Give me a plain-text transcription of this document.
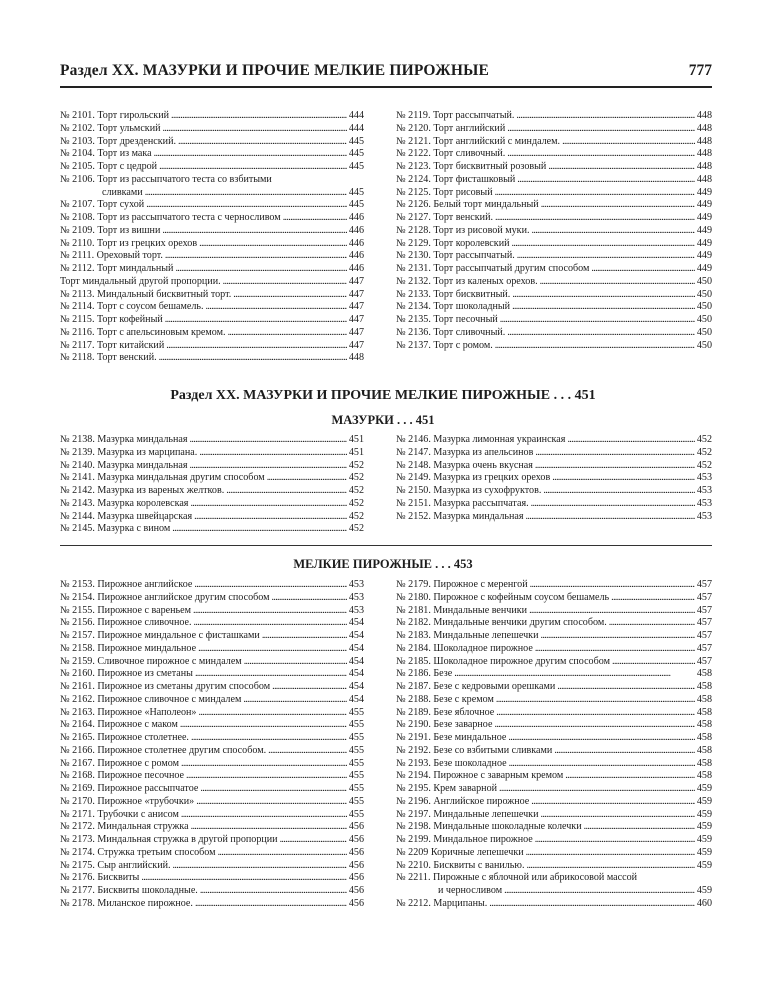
Раздел XX. МАЗУРКИ И ПРОЧИЕ МЕЛКИЕ ПИРОЖНЫЕ	777
№ 2101. Торт гирольский . . .	444
№ 2102. Торт ульмский . . .	444
№ 2103. Торт дрезденский. . . .	445
№ 2104. Торт из мака . . .	445
№ 2105. Торт с цедрой . . .	445
№ 2106. Торт из рассыпчатого теста со взбитыми
сливками . . .	445
№ 2107. Торт сухой . . .	445
№ 2108. Торт из рассыпчатого теста с черносливом . . .	446
№ 2109. Торт из вишни . . .	446
№ 2110. Торт из грецких орехов . . .	446
№ 2111. Ореховый торт. . . .	446
№ 2112. Торт миндальный . . .	446
Торт миндальный другой пропорции. . . .	447
№ 2113. Миндальный бисквитный торт. . . .	447
№ 2114. Торт с соусом бешамель. . . .	447
№ 2115. Торт кофейный . . .	447
№ 2116. Торт с апельсиновым кремом. . . .	447
№ 2117. Торт китайский . . .	447
№ 2118. Торт венский. . . .	448
№ 2119. Торт рассыпчатый. . . .	448
№ 2120. Торт английский . . .	448
№ 2121. Торт английский с миндалем. . . .	448
№ 2122. Торт сливочный. . . .	448
№ 2123. Торт бисквитный розовый . . .	448
№ 2124. Торт фисташковый . . .	448
№ 2125. Торт рисовый . . .	449
№ 2126. Белый торт миндальный . . .	449
№ 2127. Торт венский. . . .	449
№ 2128. Торт из рисовой муки. . . .	449
№ 2129. Торт королевский . . .	449
№ 2130. Торт рассыпчатый. . . .	449
№ 2131. Торт рассыпчатый другим способом . . .	449
№ 2132. Торт из каленых орехов. . . .	450
№ 2133. Торт бисквитный. . . .	450
№ 2134. Торт шоколадный . . .	450
№ 2135. Торт песочный . . .	450
№ 2136. Торт сливочный. . . .	450
№ 2137. Торт с ромом. . . .	450
Раздел XX. МАЗУРКИ И ПРОЧИЕ МЕЛКИЕ ПИРОЖНЫЕ . . . 451
МАЗУРКИ . . . 451
№ 2138. Мазурка миндальная . . .	451
№ 2139. Мазурка из марципана. . . .	451
№ 2140. Мазурка миндальная . . .	452
№ 2141. Мазурка миндальная другим способом . . .	452
№ 2142. Мазурка из вареных желтков. . . .	452
№ 2143. Мазурка королевская . . .	452
№ 2144. Мазурка швейцарская . . .	452
№ 2145. Мазурка с вином . . .	452
№ 2146. Мазурка лимонная украинская . . .	452
№ 2147. Мазурка из апельсинов . . .	452
№ 2148. Мазурка очень вкусная . . .	452
№ 2149. Мазурка из грецких орехов . . .	453
№ 2150. Мазурка из сухофруктов. . . .	453
№ 2151. Мазурка рассыпчатая. . . .	453
№ 2152. Мазурка миндальная . . .	453
МЕЛКИЕ ПИРОЖНЫЕ . . . 453
№ 2153. Пирожное английское . . .	453
№ 2154. Пирожное английское другим способом . . .	453
№ 2155. Пирожное с вареньем . . .	453
№ 2156. Пирожное сливочное. . . .	454
№ 2157. Пирожное миндальное с фисташками . . .	454
№ 2158. Пирожное миндальное . . .	454
№ 2159. Сливочное пирожное с миндалем . . .	454
№ 2160. Пирожное из сметаны . . .	454
№ 2161. Пирожное из сметаны другим способом . . .	454
№ 2162. Пирожное сливочное с миндалем . . .	454
№ 2163. Пирожное «Наполеон» . . .	455
№ 2164. Пирожное с маком . . .	455
№ 2165. Пирожное столетнее. . . .	455
№ 2166. Пирожное столетнее другим способом. . . .	455
№ 2167. Пирожное с ромом . . .	455
№ 2168. Пирожное песочное . . .	455
№ 2169. Пирожное рассыпчатое . . .	455
№ 2170. Пирожное «трубочки» . . .	455
№ 2171. Трубочки с анисом . . .	455
№ 2172. Миндальная стружка . . .	456
№ 2173. Миндальная стружка в другой пропорции . . .	456
№ 2174. Стружка третьим способом . . .	456
№ 2175. Сыр английский. . . .	456
№ 2176. Бисквиты . . .	456
№ 2177. Бисквиты шоколадные. . . .	456
№ 2178. Миланское пирожное. . . .	456
№ 2179. Пирожное с меренгой . . .	457
№ 2180. Пирожное с кофейным соусом бешамель . . .	457
№ 2181. Миндальные венчики . . .	457
№ 2182. Миндальные венчики другим способом. . . .	457
№ 2183. Миндальные лепешечки . . .	457
№ 2184. Шоколадное пирожное . . .	457
№ 2185. Шоколадное пирожное другим способом . . .	457
№ 2186. Безе . . .	458
№ 2187. Безе с кедровыми орешками . . .	458
№ 2188. Безе с кремом . . .	458
№ 2189. Безе яблочное . . .	458
№ 2190. Безе заварное . . .	458
№ 2191. Безе миндальное . . .	458
№ 2192. Безе со взбитыми сливками . . .	458
№ 2193. Безе шоколадное . . .	458
№ 2194. Пирожное с заварным кремом . . .	458
№ 2195. Крем заварной . . .	459
№ 2196. Английское пирожное . . .	459
№ 2197. Миндальные лепешечки . . .	459
№ 2198. Миндальные шоколадные колечки . . .	459
№ 2199. Миндальное пирожное . . .	459
№ 2209 Коричные лепешечки . . .	459
№ 2210. Бисквиты с ванилью. . . .	459
№ 2211. Пирожные с яблочной или абрикосовой массой
и черносливом . . .	459
№ 2212. Марципаны. . . .	460
